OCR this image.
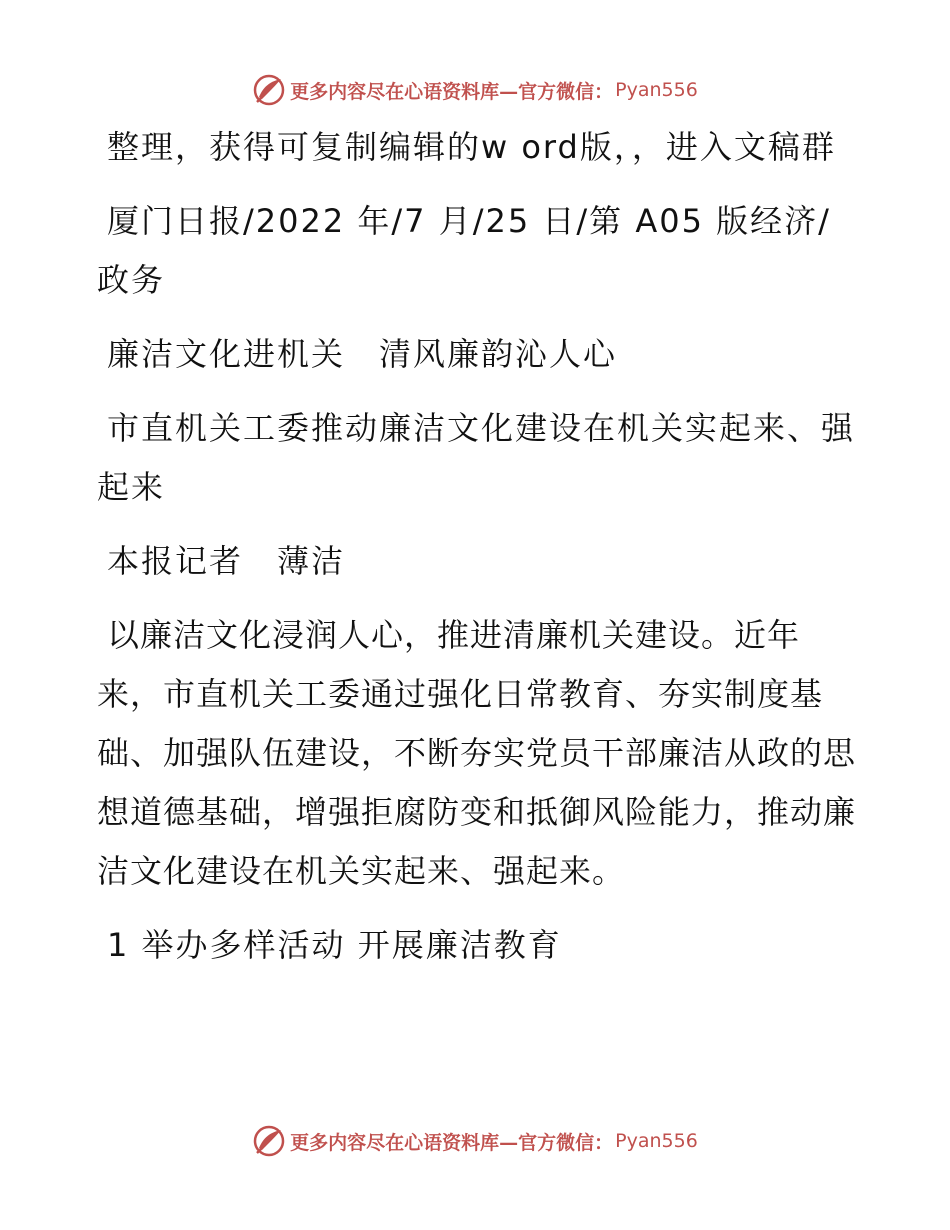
更多内容尽在心语资料库—官方微信： Pyan556

整理，获得可复制编辑的w ord版，，进入文稿群

厦门日报/2022 年/7 月/25 日/第 A05 版经济/政务

廉洁文化进机关　清风廉韵沁人心

市直机关工委推动廉洁文化建设在机关实起来、强起来

本报记者　薄洁

以廉洁文化浸润人心，推进清廉机关建设。近年来，市直机关工委通过强化日常教育、夯实制度基础、加强队伍建设，不断夯实党员干部廉洁从政的思想道德基础，增强拒腐防变和抵御风险能力，推动廉洁文化建设在机关实起来、强起来。

1 举办多样活动 开展廉洁教育

更多内容尽在心语资料库—官方微信： Pyan556
